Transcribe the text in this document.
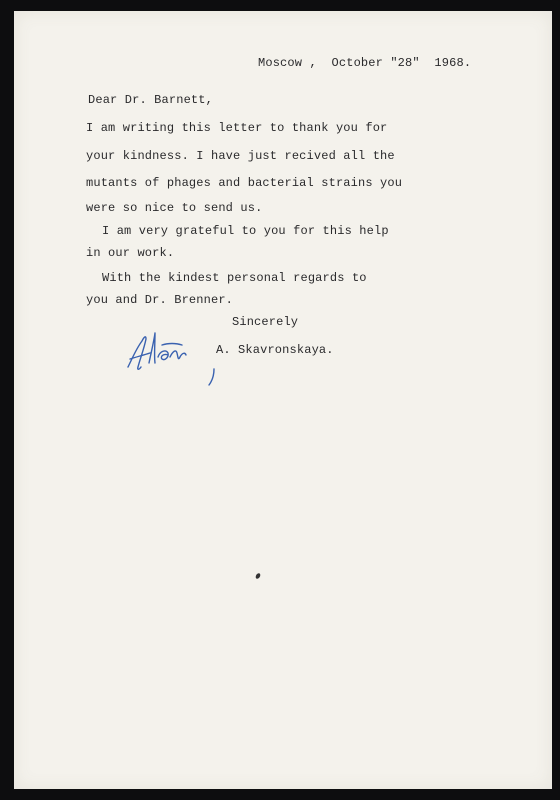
Moscow ,  October "28"  1968.
Dear Dr. Barnett,
I am writing this letter to thank you for
your kindness. I have just recived all the
mutants of phages and bacterial strains you
were so nice to send us.
I am very grateful to you for this help
in our work.
With the kindest personal regards to
you and Dr. Brenner.
Sincerely
A. Skavronskaya.
